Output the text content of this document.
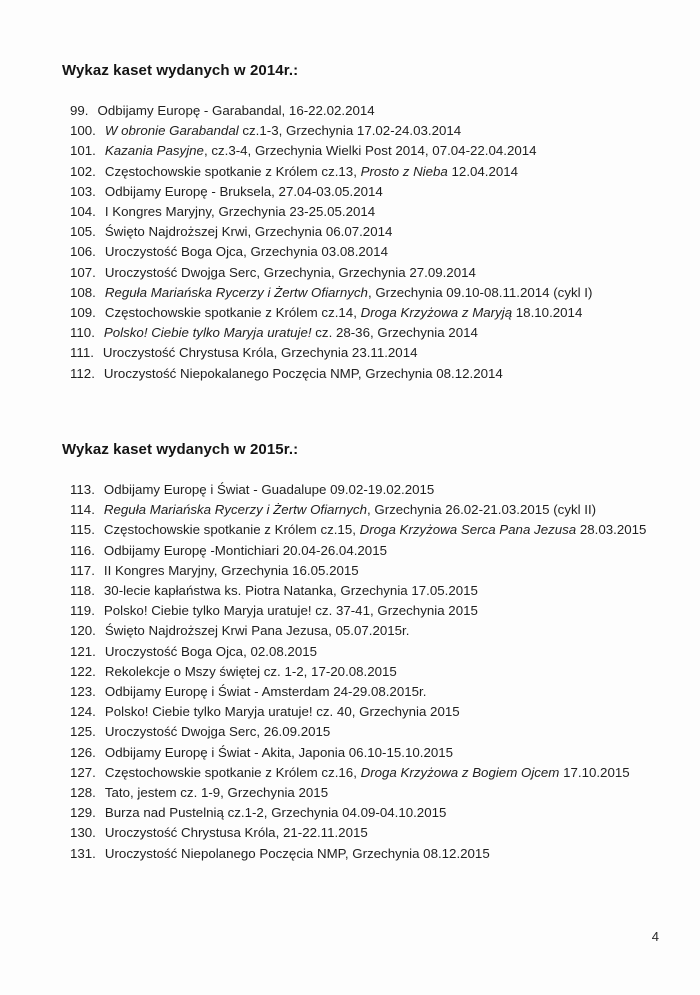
Wykaz kaset wydanych w 2014r.:
99. Odbijamy Europę - Garabandal, 16-22.02.2014
100. W obronie Garabandal cz.1-3, Grzechynia 17.02-24.03.2014
101. Kazania Pasyjne, cz.3-4, Grzechynia Wielki Post 2014, 07.04-22.04.2014
102. Częstochowskie spotkanie z Królem cz.13, Prosto z Nieba 12.04.2014
103. Odbijamy Europę - Bruksela, 27.04-03.05.2014
104. I Kongres Maryjny, Grzechynia 23-25.05.2014
105. Święto Najdroższej Krwi, Grzechynia 06.07.2014
106. Uroczystość Boga Ojca, Grzechynia 03.08.2014
107. Uroczystość Dwojga Serc, Grzechynia, Grzechynia 27.09.2014
108. Reguła Mariańska Rycerzy i Żertw Ofiarnych, Grzechynia 09.10-08.11.2014 (cykl I)
109. Częstochowskie spotkanie z Królem cz.14, Droga Krzyżowa z Maryją 18.10.2014
110. Polsko! Ciebie tylko Maryja uratuje! cz. 28-36, Grzechynia 2014
111. Uroczystość Chrystusa Króla, Grzechynia 23.11.2014
112. Uroczystość Niepokalanego Poczęcia NMP, Grzechynia 08.12.2014
Wykaz kaset wydanych w 2015r.:
113. Odbijamy Europę i Świat - Guadalupe 09.02-19.02.2015
114. Reguła Mariańska Rycerzy i Żertw Ofiarnych, Grzechynia 26.02-21.03.2015 (cykl II)
115. Częstochowskie spotkanie z Królem cz.15, Droga Krzyżowa Serca Pana Jezusa 28.03.2015
116. Odbijamy Europę -Montichiari 20.04-26.04.2015
117. II Kongres Maryjny, Grzechynia 16.05.2015
118. 30-lecie kapłaństwa ks. Piotra Natanka, Grzechynia 17.05.2015
119. Polsko! Ciebie tylko Maryja uratuje! cz. 37-41, Grzechynia 2015
120. Święto Najdroższej Krwi Pana Jezusa, 05.07.2015r.
121. Uroczystość Boga Ojca, 02.08.2015
122. Rekolekcje o Mszy świętej cz. 1-2, 17-20.08.2015
123. Odbijamy Europę i Świat - Amsterdam 24-29.08.2015r.
124. Polsko! Ciebie tylko Maryja uratuje! cz. 40, Grzechynia 2015
125. Uroczystość Dwojga Serc, 26.09.2015
126. Odbijamy Europę i Świat - Akita, Japonia 06.10-15.10.2015
127. Częstochowskie spotkanie z Królem cz.16, Droga Krzyżowa z Bogiem Ojcem 17.10.2015
128. Tato, jestem cz. 1-9, Grzechynia 2015
129. Burza nad Pustelnią cz.1-2, Grzechynia 04.09-04.10.2015
130. Uroczystość Chrystusa Króla, 21-22.11.2015
131. Uroczystość Niepolanego Poczęcia NMP, Grzechynia 08.12.2015
4
